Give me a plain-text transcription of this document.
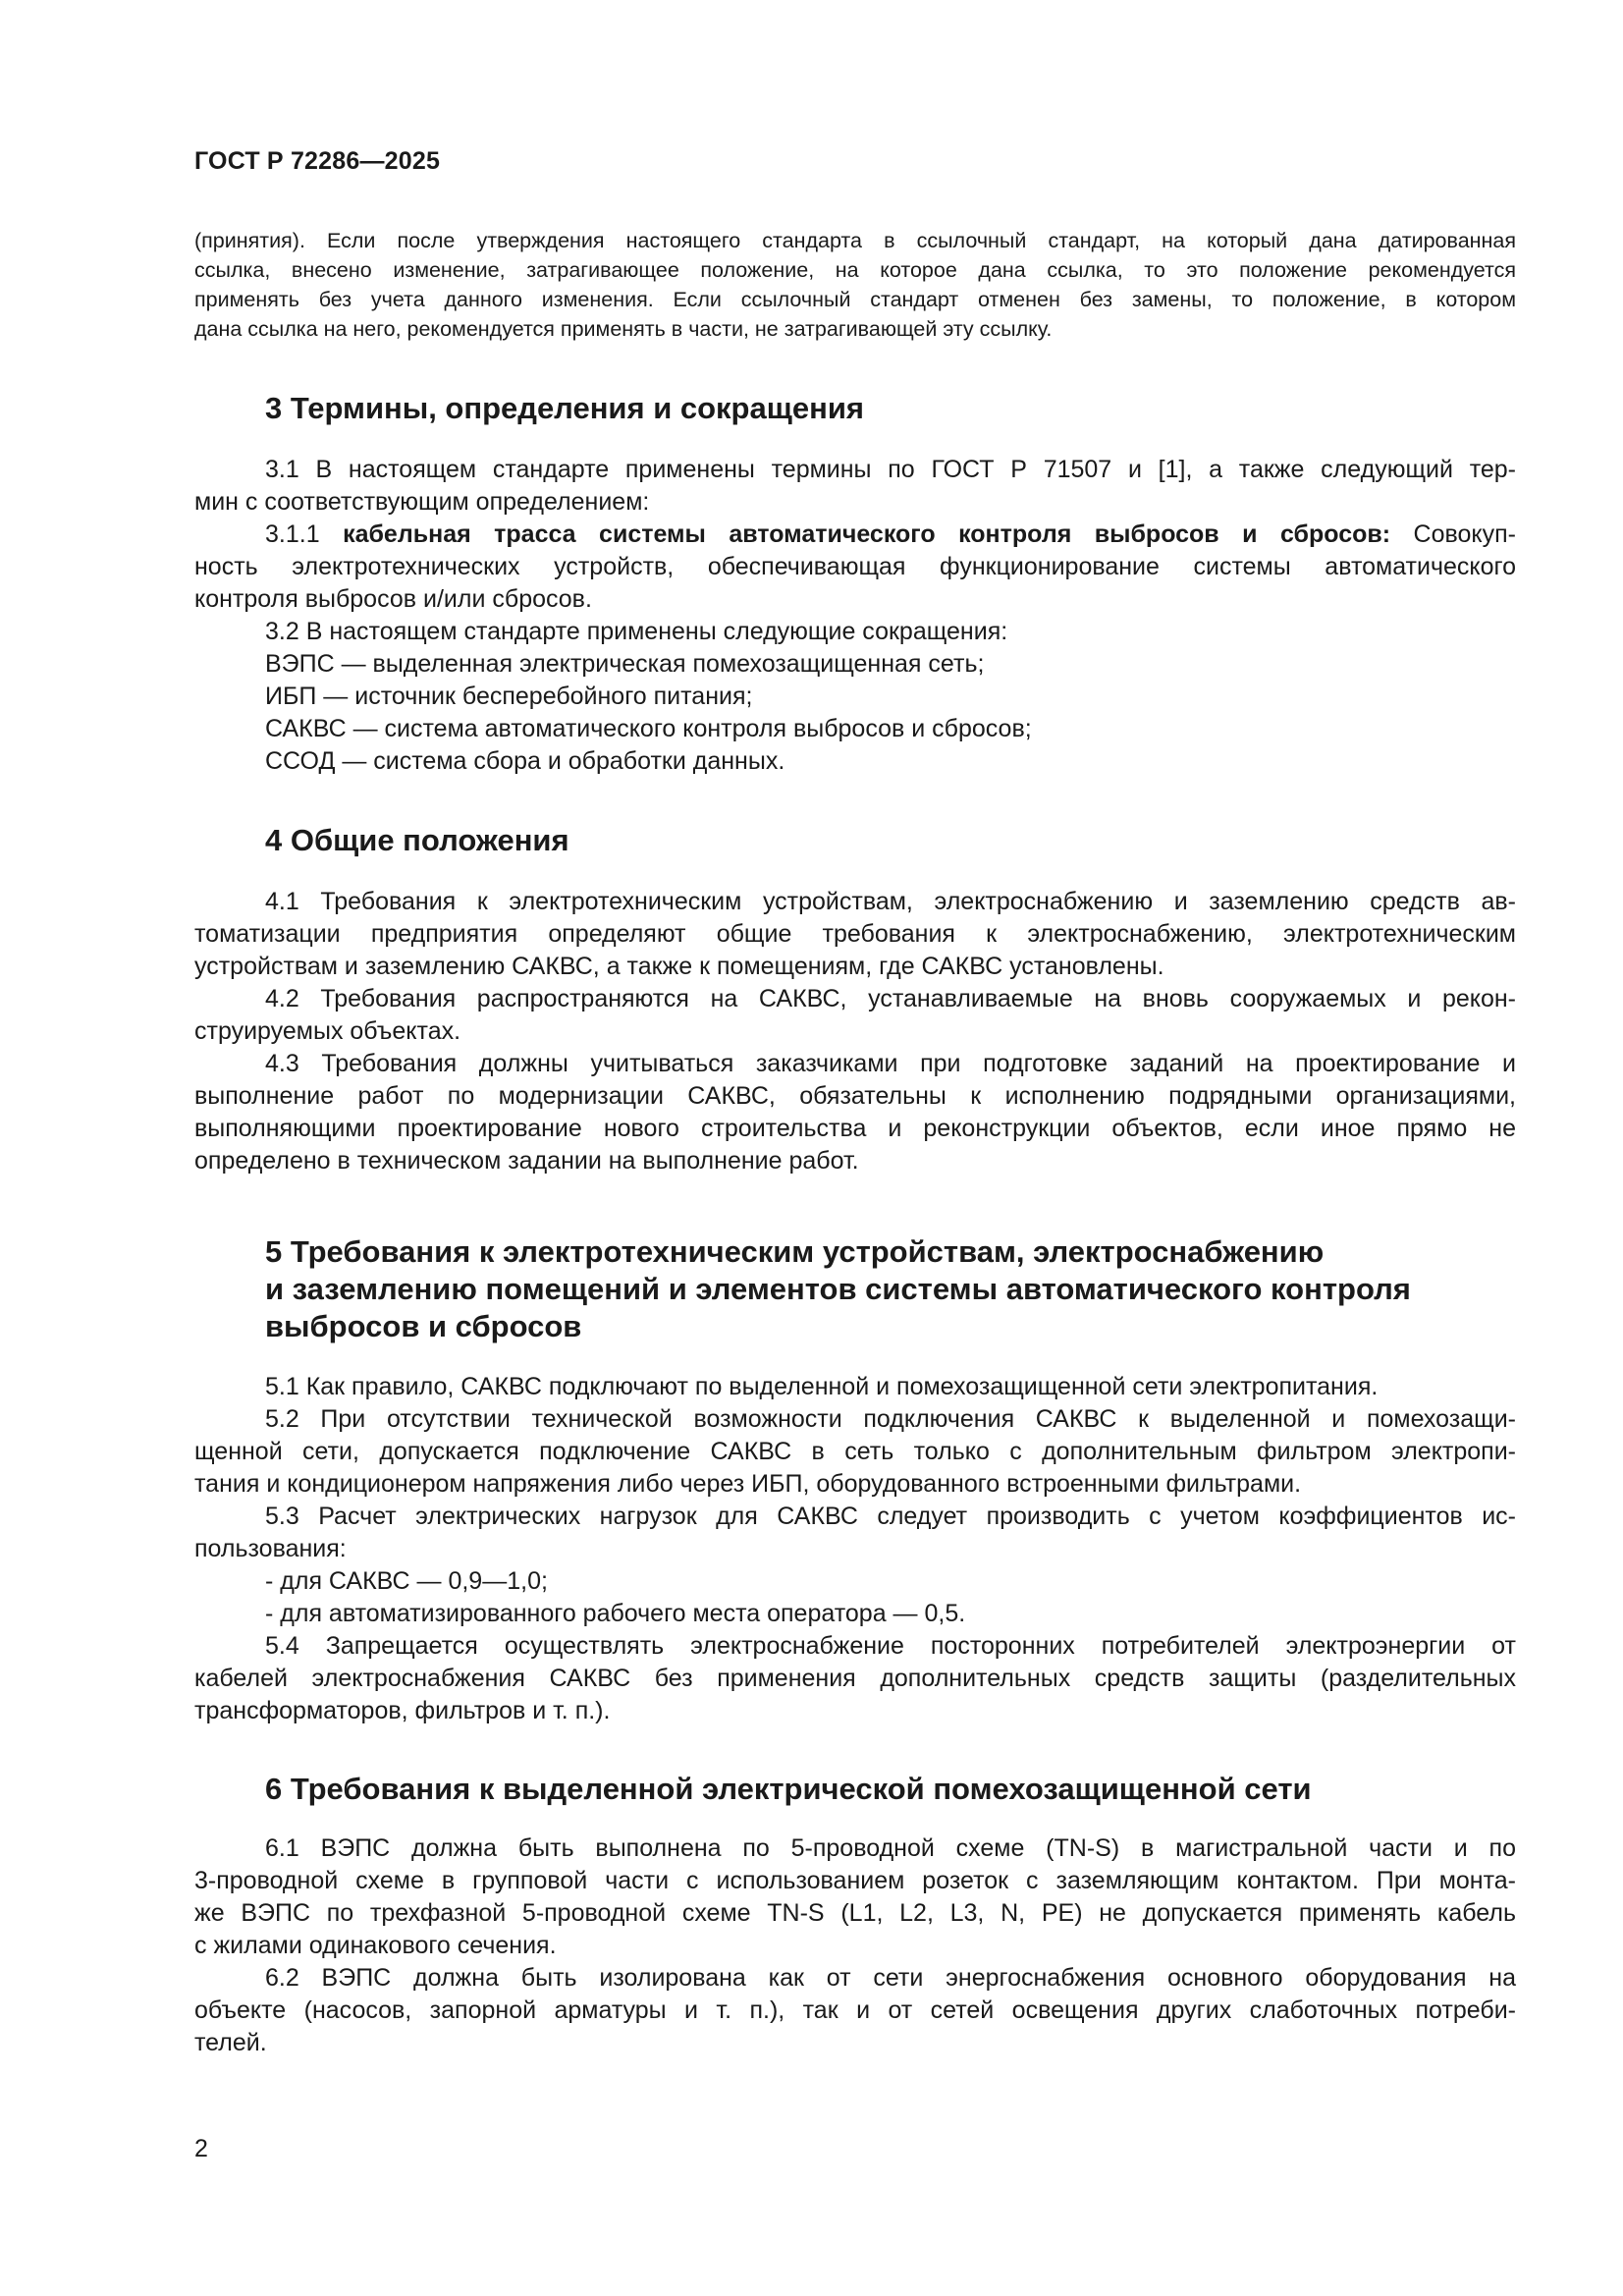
ГОСТ Р 72286—2025
(принятия). Если после утверждения настоящего стандарта в ссылочный стандарт, на который дана датированная
ссылка, внесено изменение, затрагивающее положение, на которое дана ссылка, то это положение рекомендуется
применять без учета данного изменения. Если ссылочный стандарт отменен без замены, то положение, в котором
дана ссылка на него, рекомендуется применять в части, не затрагивающей эту ссылку.
3 Термины, определения и сокращения
3.1 В настоящем стандарте применены термины по ГОСТ Р 71507 и [1], а также следующий тер-
мин с соответствующим определением:
3.1.1 кабельная трасса системы автоматического контроля выбросов и сбросов: Совокуп-
ность электротехнических устройств, обеспечивающая функционирование системы автоматического
контроля выбросов и/или сбросов.
3.2 В настоящем стандарте применены следующие сокращения:
ВЭПС — выделенная электрическая помехозащищенная сеть;
ИБП — источник бесперебойного питания;
САКВС — система автоматического контроля выбросов и сбросов;
ССОД — система сбора и обработки данных.
4 Общие положения
4.1 Требования к электротехническим устройствам, электроснабжению и заземлению средств ав-
томатизации предприятия определяют общие требования к электроснабжению, электротехническим
устройствам и заземлению САКВС, а также к помещениям, где САКВС установлены.
4.2 Требования распространяются на САКВС, устанавливаемые на вновь сооружаемых и рекон-
струируемых объектах.
4.3 Требования должны учитываться заказчиками при подготовке заданий на проектирование и
выполнение работ по модернизации САКВС, обязательны к исполнению подрядными организациями,
выполняющими проектирование нового строительства и реконструкции объектов, если иное прямо не
определено в техническом задании на выполнение работ.
5 Требования к электротехническим устройствам, электроснабжению
и заземлению помещений и элементов системы автоматического контроля
выбросов и сбросов
5.1 Как правило, САКВС подключают по выделенной и помехозащищенной сети электропитания.
5.2 При отсутствии технической возможности подключения САКВС к выделенной и помехозащи-
щенной сети, допускается подключение САКВС в сеть только с дополнительным фильтром электропи-
тания и кондиционером напряжения либо через ИБП, оборудованного встроенными фильтрами.
5.3 Расчет электрических нагрузок для САКВС следует производить с учетом коэффициентов ис-
пользования:
- для САКВС — 0,9—1,0;
- для автоматизированного рабочего места оператора — 0,5.
5.4 Запрещается осуществлять электроснабжение посторонних потребителей электроэнергии от
кабелей электроснабжения САКВС без применения дополнительных средств защиты (разделительных
трансформаторов, фильтров и т. п.).
6 Требования к выделенной электрической помехозащищенной сети
6.1 ВЭПС должна быть выполнена по 5-проводной схеме (TN-S) в магистральной части и по
3-проводной схеме в групповой части с использованием розеток с заземляющим контактом. При монта-
же ВЭПС по трехфазной 5-проводной схеме TN-S (L1, L2, L3, N, PE) не допускается применять кабель
с жилами одинакового сечения.
6.2 ВЭПС должна быть изолирована как от сети энергоснабжения основного оборудования на
объекте (насосов, запорной арматуры и т. п.), так и от сетей освещения других слаботочных потреби-
телей.
2
